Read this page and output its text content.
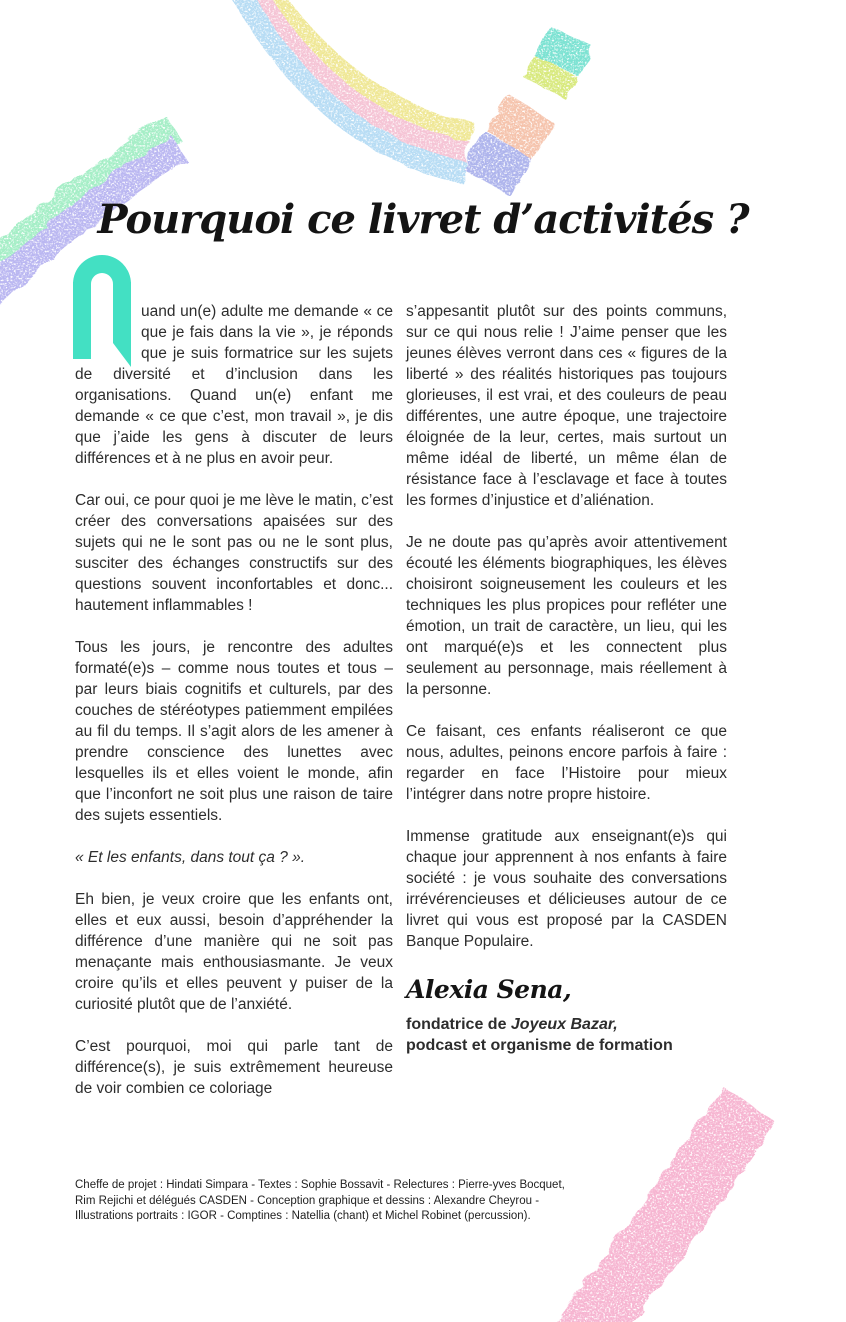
Pourquoi ce livret d’activités ?

uand un(e) adulte me demande « ce que je fais dans la vie », je réponds que je suis formatrice sur les sujets de diversité et d’inclusion dans les organisations. Quand un(e) enfant me demande « ce que c’est, mon travail », je dis que j’aide les gens à discuter de leurs différences et à ne plus en avoir peur.

Car oui, ce pour quoi je me lève le matin, c’est créer des conversations apaisées sur des sujets qui ne le sont pas ou ne le sont plus, susciter des échanges constructifs sur des questions souvent inconfortables et donc... hautement inflammables !

Tous les jours, je rencontre des adultes formaté(e)s – comme nous toutes et tous – par leurs biais cognitifs et culturels, par des couches de stéréotypes patiemment empilées au fil du temps. Il s’agit alors de les amener à prendre conscience des lunettes avec lesquelles ils et elles voient le monde, afin que l’inconfort ne soit plus une raison de taire des sujets essentiels.

« Et les enfants, dans tout ça ? ».

Eh bien, je veux croire que les enfants ont, elles et eux aussi, besoin d’appréhender la différence d’une manière qui ne soit pas menaçante mais enthousiasmante. Je veux croire qu’ils et elles peuvent y puiser de la curiosité plutôt que de l’anxiété.

C’est pourquoi, moi qui parle tant de différence(s), je suis extrêmement heureuse de voir combien ce coloriage

s’appesantit plutôt sur des points communs, sur ce qui nous relie ! J’aime penser que les jeunes élèves verront dans ces « figures de la liberté » des réalités historiques pas toujours glorieuses, il est vrai, et des couleurs de peau différentes, une autre époque, une trajectoire éloignée de la leur, certes, mais surtout un même idéal de liberté, un même élan de résistance face à l’esclavage et face à toutes les formes d’injustice et d’aliénation.

Je ne doute pas qu’après avoir attentivement écouté les éléments biographiques, les élèves choisiront soigneusement les couleurs et les techniques les plus propices pour refléter une émotion, un trait de caractère, un lieu, qui les ont marqué(e)s et les connectent plus seulement au personnage, mais réellement à la personne.

Ce faisant, ces enfants réaliseront ce que nous, adultes, peinons encore parfois à faire : regarder en face l’Histoire pour mieux l’intégrer dans notre propre histoire.

Immense gratitude aux enseignant(e)s qui chaque jour apprennent à nos enfants à faire société : je vous souhaite des conversations irrévérencieuses et délicieuses autour de ce livret qui vous est proposé par la CASDEN Banque Populaire.

Alexia Sena,
fondatrice de Joyeux Bazar,
podcast et organisme de formation
Cheffe de projet : Hindati Simpara - Textes : Sophie Bossavit - Relectures : Pierre-yves Bocquet,
Rim Rejichi et délégués CASDEN - Conception graphique et dessins : Alexandre Cheyrou -
Illustrations portraits : IGOR - Comptines : Natellia (chant) et Michel Robinet (percussion).
